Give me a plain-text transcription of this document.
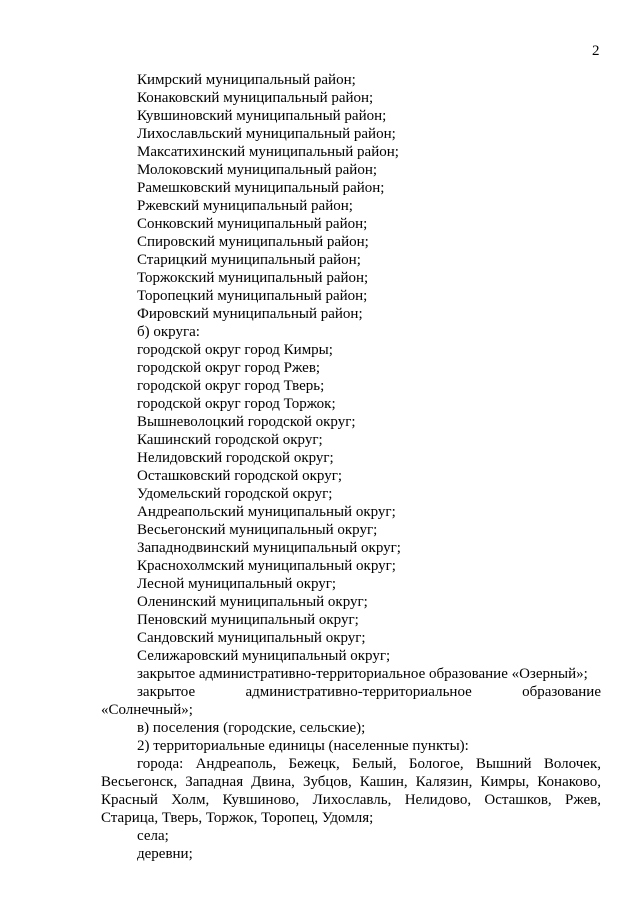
2
Кимрский муниципальный район;
Конаковский муниципальный район;
Кувшиновский муниципальный район;
Лихославльский муниципальный район;
Максатихинский муниципальный район;
Молоковский муниципальный район;
Рамешковский муниципальный район;
Ржевский муниципальный район;
Сонковский муниципальный район;
Спировский муниципальный район;
Старицкий муниципальный район;
Торжокский муниципальный район;
Торопецкий муниципальный район;
Фировский муниципальный район;
б) округа:
городской округ город Кимры;
городской округ город Ржев;
городской округ город Тверь;
городской округ город Торжок;
Вышневолоцкий городской округ;
Кашинский городской округ;
Нелидовский городской округ;
Осташковский городской округ;
Удомельский городской округ;
Андреапольский муниципальный округ;
Весьегонский муниципальный округ;
Западнодвинский муниципальный округ;
Краснохолмский муниципальный округ;
Лесной муниципальный округ;
Оленинский муниципальный округ;
Пеновский муниципальный округ;
Сандовский муниципальный округ;
Селижаровский муниципальный округ;
закрытое административно-территориальное образование «Озерный»;
закрытое административно-территориальное образование
«Солнечный»;
в) поселения (городские, сельские);
2) территориальные единицы (населенные пункты):
города: Андреаполь, Бежецк, Белый, Бологое, Вышний Волочек,
Весьегонск, Западная Двина, Зубцов, Кашин, Калязин, Кимры, Конаково,
Красный Холм, Кувшиново, Лихославль, Нелидово, Осташков, Ржев,
Старица, Тверь, Торжок, Торопец, Удомля;
села;
деревни;
